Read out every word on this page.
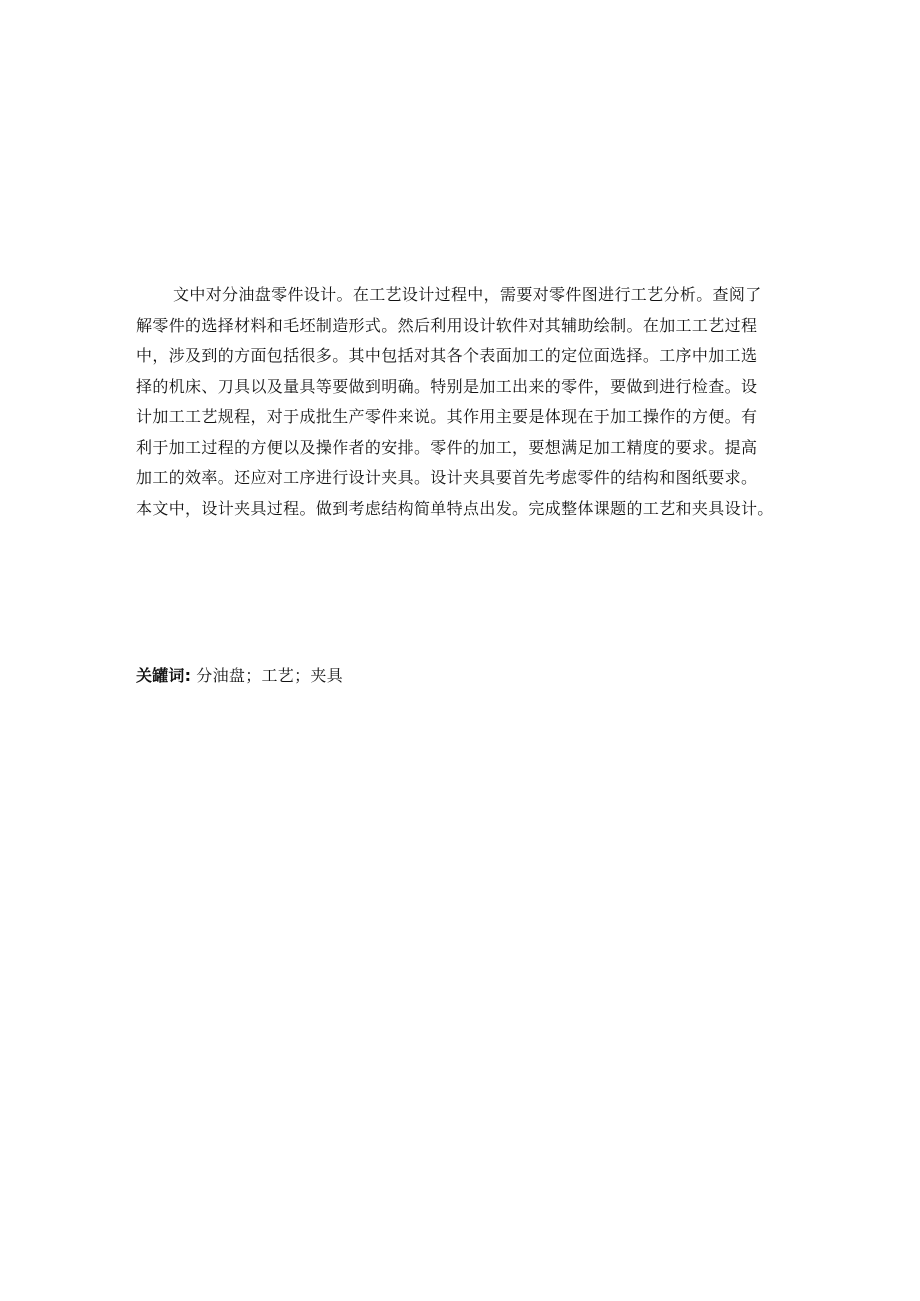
文中对分油盘零件设计。在工艺设计过程中，需要对零件图进行工艺分析。查阅了

解零件的选择材料和毛坯制造形式。然后利用设计软件对其辅助绘制。在加工工艺过程

中，涉及到的方面包括很多。其中包括对其各个表面加工的定位面选择。工序中加工选

择的机床、刀具以及量具等要做到明确。特别是加工出来的零件，要做到进行检查。设

计加工工艺规程，对于成批生产零件来说。其作用主要是体现在于加工操作的方便。有

利于加工过程的方便以及操作者的安排。零件的加工，要想满足加工精度的要求。提高

加工的效率。还应对工序进行设计夹具。设计夹具要首先考虑零件的结构和图纸要求。

本文中，设计夹具过程。做到考虑结构简单特点出发。完成整体课题的工艺和夹具设计。

关罐词: 分油盘；工艺；夹具
